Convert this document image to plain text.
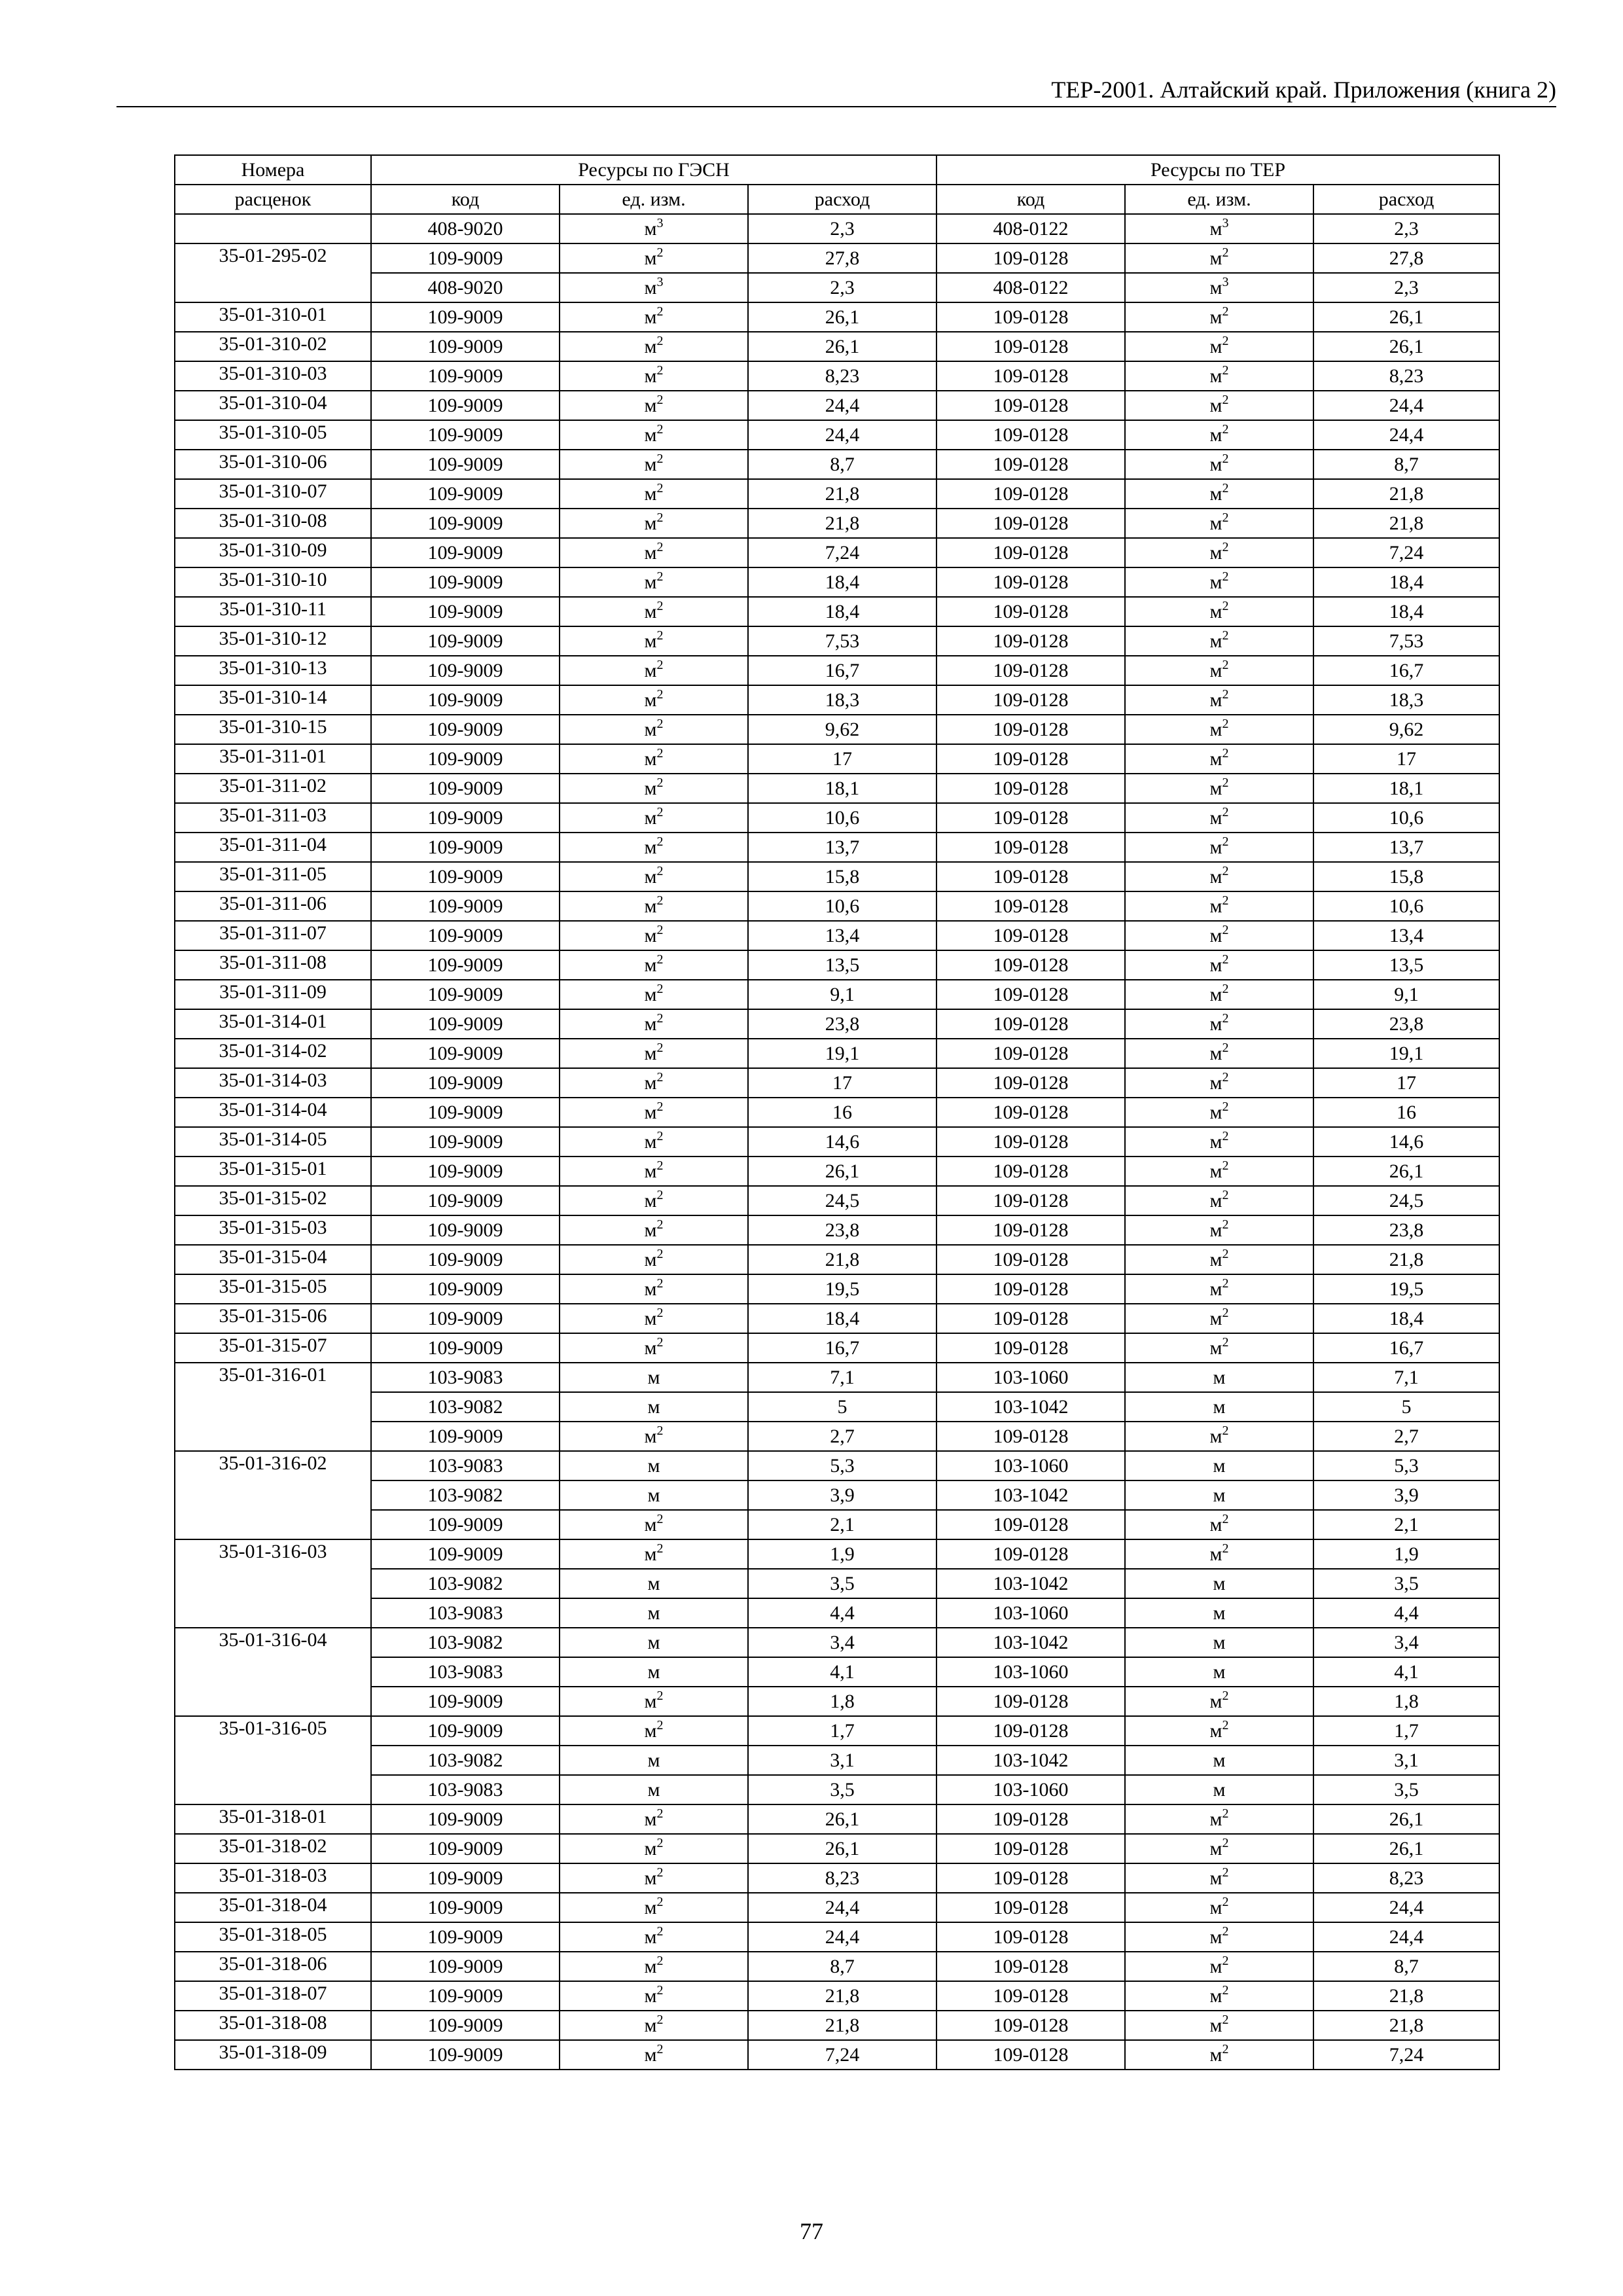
ТЕР-2001. Алтайский край. Приложения (книга 2)
Номера	Ресурсы по ГЭСН			Ресурсы по ТЕР		
расценок	код	ед. изм.	расход	код	ед. изм.	расход
	408-9020	$м^3$	2,3	408-0122	$м^3$	2,3
35-01-295-02	109-9009	$м^2$	27,8	109-0128	$м^2$	27,8
	408-9020	$м^3$	2,3	408-0122	$м^3$	2,3
35-01-310-01	109-9009	$м^2$	26,1	109-0128	$м^2$	26,1
35-01-310-02	109-9009	$м^2$	26,1	109-0128	$м^2$	26,1
35-01-310-03	109-9009	$м^2$	8,23	109-0128	$м^2$	8,23
35-01-310-04	109-9009	$м^2$	24,4	109-0128	$м^2$	24,4
35-01-310-05	109-9009	$м^2$	24,4	109-0128	$м^2$	24,4
35-01-310-06	109-9009	$м^2$	8,7	109-0128	$м^2$	8,7
35-01-310-07	109-9009	$м^2$	21,8	109-0128	$м^2$	21,8
35-01-310-08	109-9009	$м^2$	21,8	109-0128	$м^2$	21,8
35-01-310-09	109-9009	$м^2$	7,24	109-0128	$м^2$	7,24
35-01-310-10	109-9009	$м^2$	18,4	109-0128	$м^2$	18,4
35-01-310-11	109-9009	$м^2$	18,4	109-0128	$м^2$	18,4
35-01-310-12	109-9009	$м^2$	7,53	109-0128	$м^2$	7,53
35-01-310-13	109-9009	$м^2$	16,7	109-0128	$м^2$	16,7
35-01-310-14	109-9009	$м^2$	18,3	109-0128	$м^2$	18,3
35-01-310-15	109-9009	$м^2$	9,62	109-0128	$м^2$	9,62
35-01-311-01	109-9009	$м^2$	17	109-0128	$м^2$	17
35-01-311-02	109-9009	$м^2$	18,1	109-0128	$м^2$	18,1
35-01-311-03	109-9009	$м^2$	10,6	109-0128	$м^2$	10,6
35-01-311-04	109-9009	$м^2$	13,7	109-0128	$м^2$	13,7
35-01-311-05	109-9009	$м^2$	15,8	109-0128	$м^2$	15,8
35-01-311-06	109-9009	$м^2$	10,6	109-0128	$м^2$	10,6
35-01-311-07	109-9009	$м^2$	13,4	109-0128	$м^2$	13,4
35-01-311-08	109-9009	$м^2$	13,5	109-0128	$м^2$	13,5
35-01-311-09	109-9009	$м^2$	9,1	109-0128	$м^2$	9,1
35-01-314-01	109-9009	$м^2$	23,8	109-0128	$м^2$	23,8
35-01-314-02	109-9009	$м^2$	19,1	109-0128	$м^2$	19,1
35-01-314-03	109-9009	$м^2$	17	109-0128	$м^2$	17
35-01-314-04	109-9009	$м^2$	16	109-0128	$м^2$	16
35-01-314-05	109-9009	$м^2$	14,6	109-0128	$м^2$	14,6
35-01-315-01	109-9009	$м^2$	26,1	109-0128	$м^2$	26,1
35-01-315-02	109-9009	$м^2$	24,5	109-0128	$м^2$	24,5
35-01-315-03	109-9009	$м^2$	23,8	109-0128	$м^2$	23,8
35-01-315-04	109-9009	$м^2$	21,8	109-0128	$м^2$	21,8
35-01-315-05	109-9009	$м^2$	19,5	109-0128	$м^2$	19,5
35-01-315-06	109-9009	$м^2$	18,4	109-0128	$м^2$	18,4
35-01-315-07	109-9009	$м^2$	16,7	109-0128	$м^2$	16,7
35-01-316-01	103-9083	м	7,1	103-1060	м	7,1
	103-9082	м	5	103-1042	м	5
	109-9009	$м^2$	2,7	109-0128	$м^2$	2,7
35-01-316-02	103-9083	м	5,3	103-1060	м	5,3
	103-9082	м	3,9	103-1042	м	3,9
	109-9009	$м^2$	2,1	109-0128	$м^2$	2,1
35-01-316-03	109-9009	$м^2$	1,9	109-0128	$м^2$	1,9
	103-9082	м	3,5	103-1042	м	3,5
	103-9083	м	4,4	103-1060	м	4,4
35-01-316-04	103-9082	м	3,4	103-1042	м	3,4
	103-9083	м	4,1	103-1060	м	4,1
	109-9009	$м^2$	1,8	109-0128	$м^2$	1,8
35-01-316-05	109-9009	$м^2$	1,7	109-0128	$м^2$	1,7
	103-9082	м	3,1	103-1042	м	3,1
	103-9083	м	3,5	103-1060	м	3,5
35-01-318-01	109-9009	$м^2$	26,1	109-0128	$м^2$	26,1
35-01-318-02	109-9009	$м^2$	26,1	109-0128	$м^2$	26,1
35-01-318-03	109-9009	$м^2$	8,23	109-0128	$м^2$	8,23
35-01-318-04	109-9009	$м^2$	24,4	109-0128	$м^2$	24,4
35-01-318-05	109-9009	$м^2$	24,4	109-0128	$м^2$	24,4
35-01-318-06	109-9009	$м^2$	8,7	109-0128	$м^2$	8,7
35-01-318-07	109-9009	$м^2$	21,8	109-0128	$м^2$	21,8
35-01-318-08	109-9009	$м^2$	21,8	109-0128	$м^2$	21,8
35-01-318-09	109-9009	$м^2$	7,24	109-0128	$м^2$	7,24
77
